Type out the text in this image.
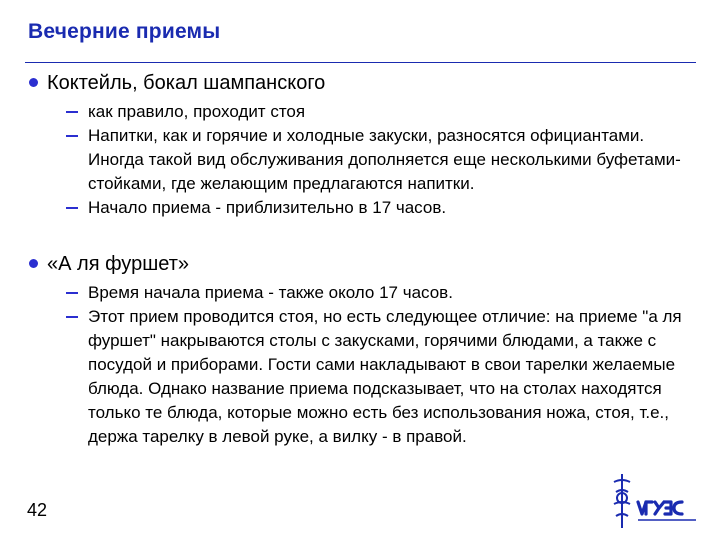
Вечерние приемы
Коктейль, бокал шампанского
как правило, проходит стоя
Напитки, как и горячие и холодные закуски, разносятся официантами. Иногда такой вид обслуживания дополняется еще несколькими буфетами-стойками, где желающим предлагаются напитки.
Начало приема - приблизительно в 17 часов.
«А ля фуршет»
Время начала приема - также около 17 часов.
Этот прием проводится стоя, но есть следующее отличие: на приеме "а ля фуршет" накрываются столы с закусками, горячими блюдами, а также с посудой и приборами. Гости сами накладывают в свои тарелки желаемые блюда. Однако название приема подсказывает, что на столах находятся только те блюда, которые можно есть без использования ножа, стоя, т.е., держа тарелку в левой руке, а вилку - в правой.
42
